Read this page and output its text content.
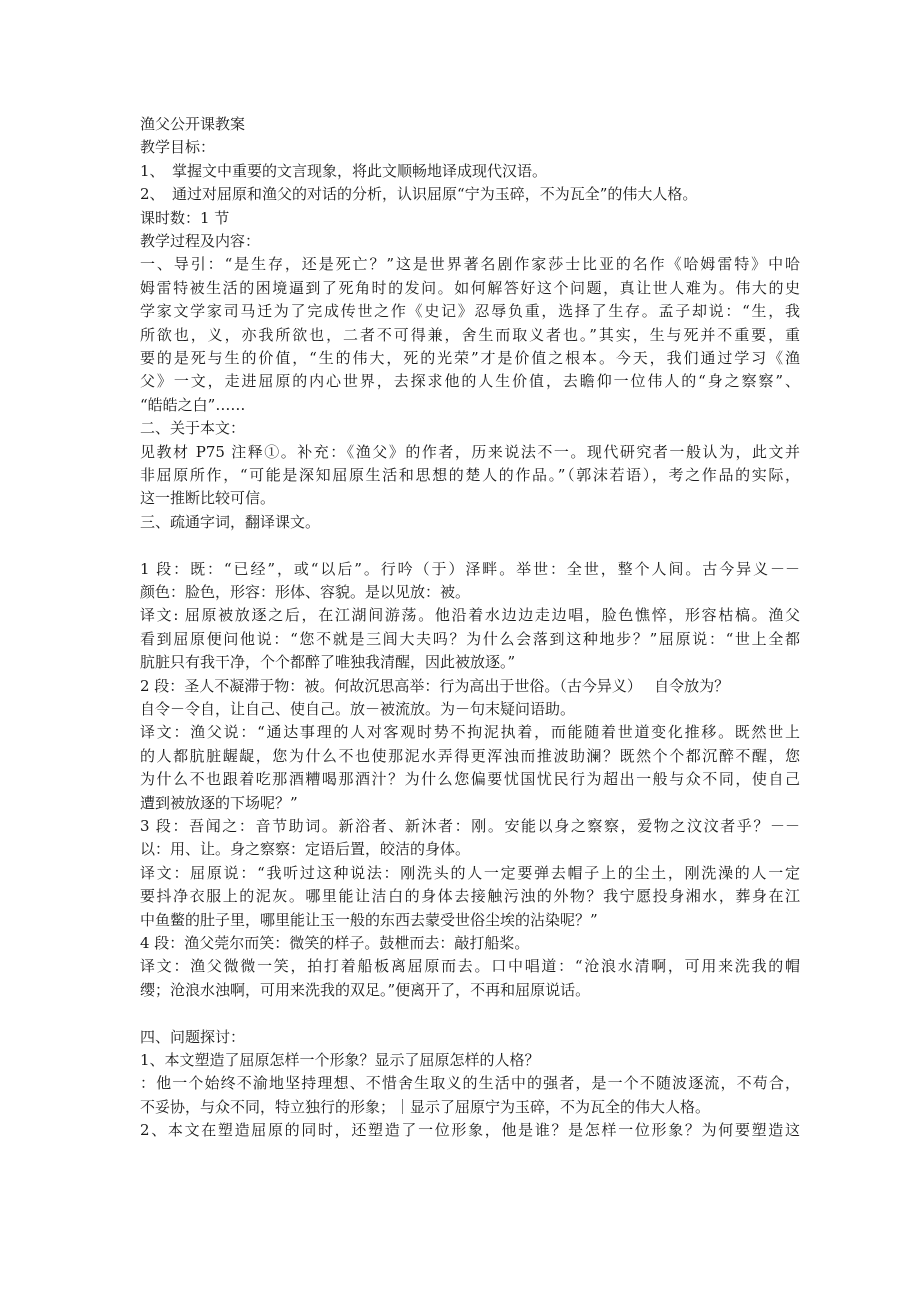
渔父公开课教案
教学目标：
1、　掌握文中重要的文言现象，将此文顺畅地译成现代汉语。
2、　通过对屈原和渔父的对话的分析，认识屈原“宁为玉碎，不为瓦全”的伟大人格。
课时数：1 节
教学过程及内容：
一、导引：“是生存，还是死亡？”这是世界著名剧作家莎士比亚的名作《哈姆雷特》中哈
姆雷特被生活的困境逼到了死角时的发问。如何解答好这个问题，真让世人难为。伟大的史
学家文学家司马迁为了完成传世之作《史记》忍辱负重，选择了生存。孟子却说：“生，我
所欲也，义，亦我所欲也，二者不可得兼，舍生而取义者也。”其实，生与死并不重要，重
要的是死与生的价值，“生的伟大，死的光荣”才是价值之根本。今天，我们通过学习《渔
父》一文，走进屈原的内心世界，去探求他的人生价值，去瞻仰一位伟人的“身之察察”、
“皓皓之白”……
二、关于本文：
见教材 P75 注释①。补充：《渔父》的作者，历来说法不一。现代研究者一般认为，此文并
非屈原所作，“可能是深知屈原生活和思想的楚人的作品。”（郭沫若语），考之作品的实际，
这一推断比较可信。
三、疏通字词，翻译课文。
1 段：既：“已经”，或“以后”。行吟（于）泽畔。举世：全世，整个人间。古今异义－－
颜色：脸色，形容：形体、容貌。是以见放：被。
译文: 屈原被放逐之后，在江湖间游荡。他沿着水边边走边唱，脸色憔悴，形容枯槁。渔父
看到屈原便问他说：“您不就是三闾大夫吗？为什么会落到这种地步？”屈原说：“世上全都
肮脏只有我干净，个个都醉了唯独我清醒，因此被放逐。”
2 段：圣人不凝滞于物：被。何故沉思高举：行为高出于世俗。（古今异义）　 自令放为？
自令－令自，让自己、使自己。放－被流放。为－句末疑问语助。
译文：渔父说：“通达事理的人对客观时势不拘泥执着，而能随着世道变化推移。既然世上
的人都肮脏龌龊，您为什么不也使那泥水弄得更浑浊而推波助澜？既然个个都沉醉不醒，您
为什么不也跟着吃那酒糟喝那酒汁？为什么您偏要忧国忧民行为超出一般与众不同，使自己
遭到被放逐的下场呢？”
3 段：吾闻之：音节助词。新浴者、新沐者：刚。安能以身之察察，爱物之汶汶者乎？－－
以：用、让。身之察察：定语后置，皎洁的身体。
译文：屈原说：“我听过这种说法：刚洗头的人一定要弹去帽子上的尘土，刚洗澡的人一定
要抖净衣服上的泥灰。哪里能让洁白的身体去接触污浊的外物？我宁愿投身湘水，葬身在江
中鱼鳖的肚子里，哪里能让玉一般的东西去蒙受世俗尘埃的沾染呢？”
4 段：渔父莞尔而笑：微笑的样子。鼓枻而去：敲打船桨。
译文：渔父微微一笑，拍打着船板离屈原而去。口中唱道：“沧浪水清啊，可用来洗我的帽
缨；沧浪水浊啊，可用来洗我的双足。”便离开了，不再和屈原说话。
四、问题探讨：
1、本文塑造了屈原怎样一个形象？显示了屈原怎样的人格？
：他一个始终不渝地坚持理想、不惜舍生取义的生活中的强者，是一个不随波逐流，不苟合，
不妥协，与众不同，特立独行的形象；｜显示了屈原宁为玉碎，不为瓦全的伟大人格。
2、本文在塑造屈原的同时，还塑造了一位形象，他是谁？是怎样一位形象？为何要塑造这
